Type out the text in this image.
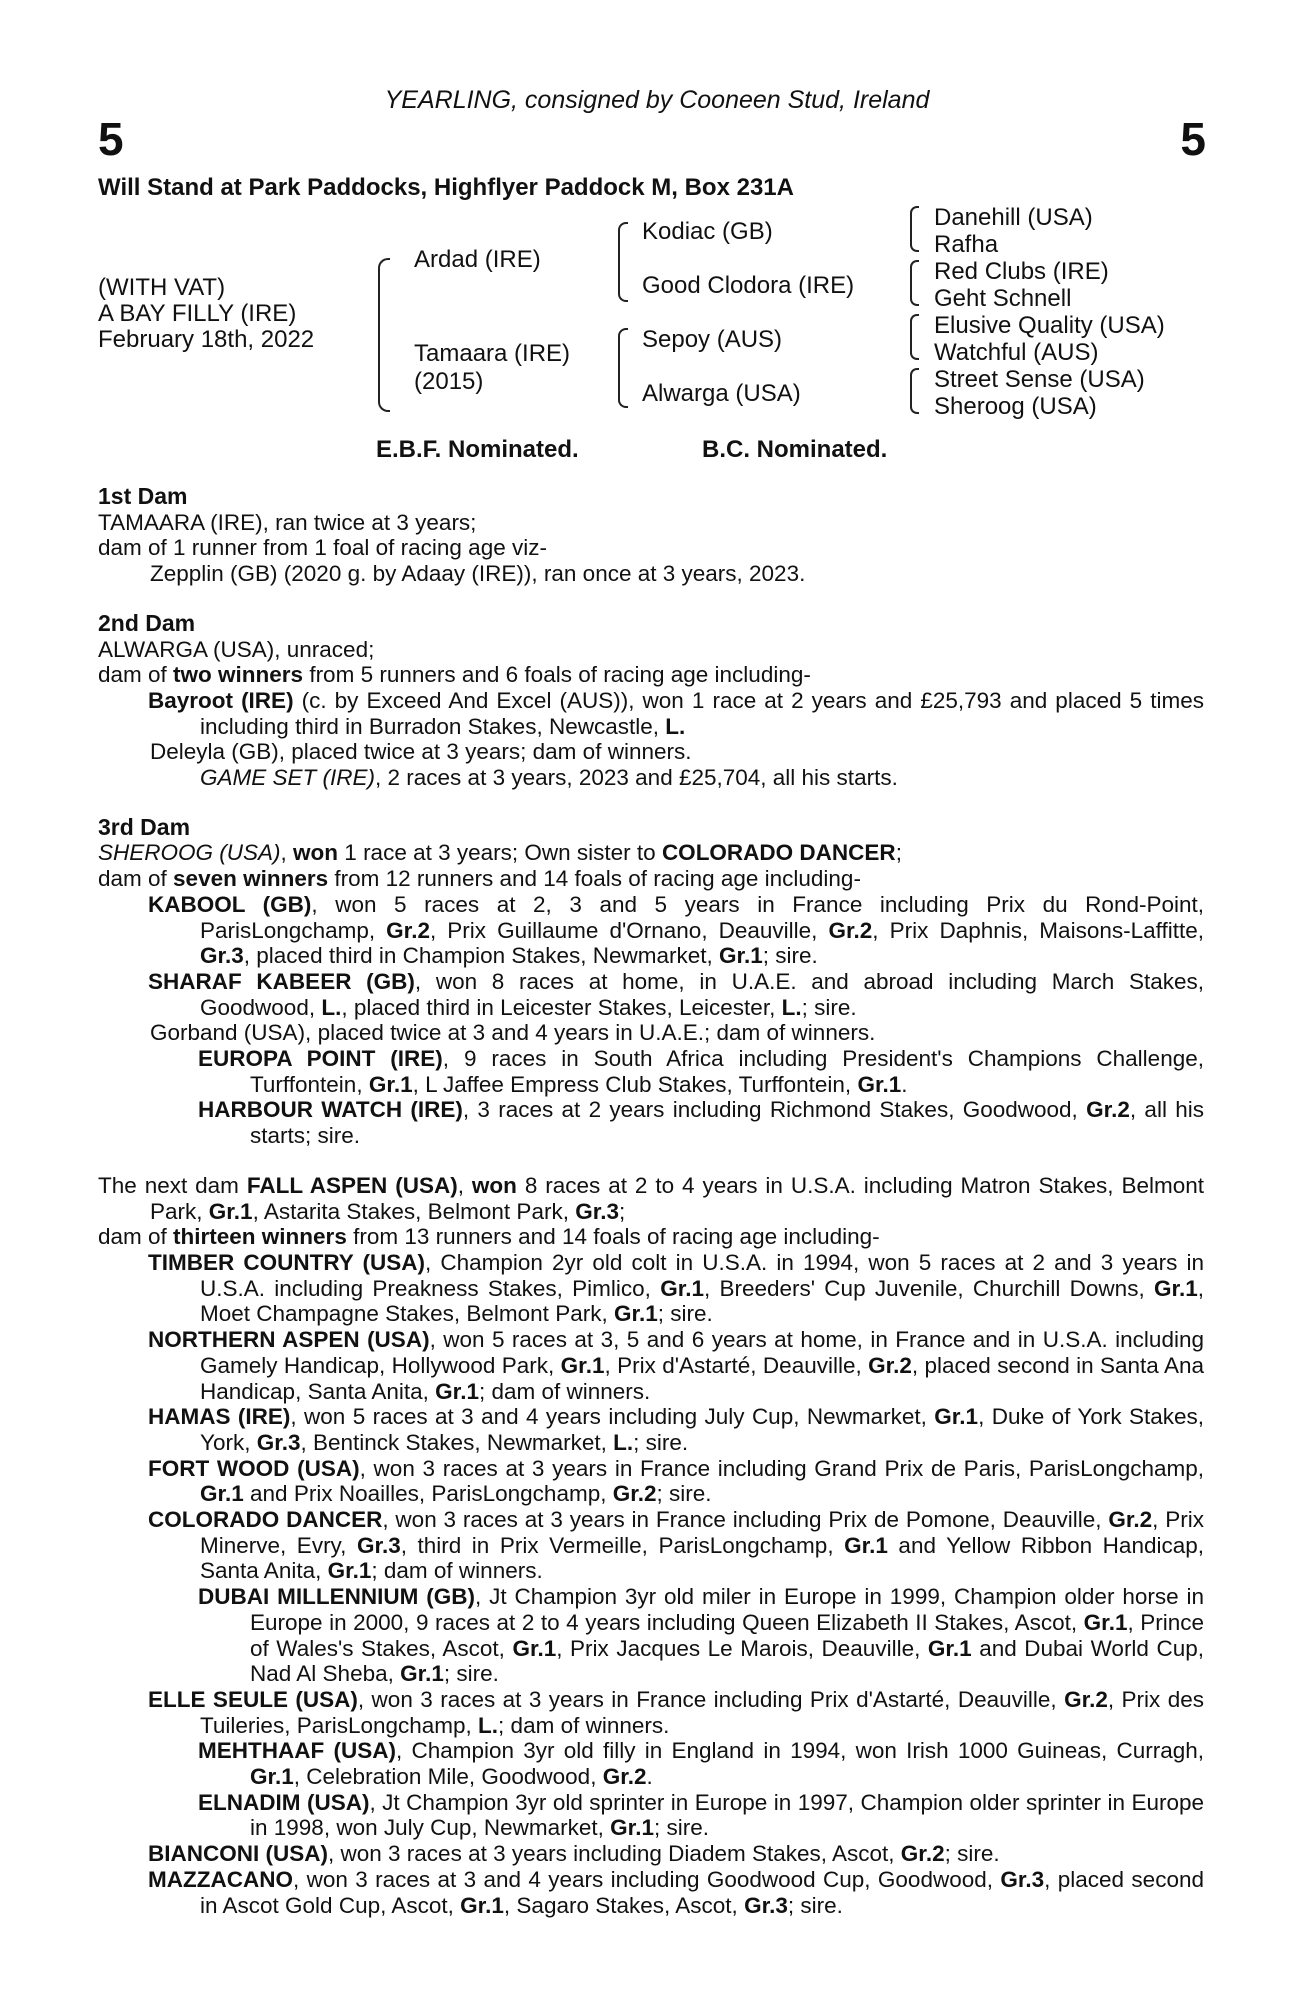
YEARLING, consigned by Cooneen Stud, Ireland
5	5
Will Stand at Park Paddocks, Highflyer Paddock M, Box 231A
(WITH VAT)
A BAY FILLY (IRE)
February 18th, 2022
Ardad (IRE)
Tamaara (IRE)
(2015)
Kodiac (GB)
Good Clodora (IRE)
Sepoy (AUS)
Alwarga (USA)
Danehill (USA)
Rafha
Red Clubs (IRE)
Geht Schnell
Elusive Quality (USA)
Watchful (AUS)
Street Sense (USA)
Sheroog (USA)
E.B.F. Nominated.	B.C. Nominated.

1st Dam

TAMAARA (IRE), ran twice at 3 years;

dam of 1 runner from 1 foal of racing age viz-

Zepplin (GB) (2020 g. by Adaay (IRE)), ran once at 3 years, 2023.

2nd Dam

ALWARGA (USA), unraced;

dam of two winners from 5 runners and 6 foals of racing age including-

Bayroot (IRE) (c. by Exceed And Excel (AUS)), won 1 race at 2 years and £25,793 and placed 5 times including third in Burradon Stakes, Newcastle, L.

Deleyla (GB), placed twice at 3 years; dam of winners.

GAME SET (IRE), 2 races at 3 years, 2023 and £25,704, all his starts.

3rd Dam

SHEROOG (USA), won 1 race at 3 years; Own sister to COLORADO DANCER;

dam of seven winners from 12 runners and 14 foals of racing age including-

KABOOL (GB), won 5 races at 2, 3 and 5 years in France including Prix du Rond-Point, ParisLongchamp, Gr.2, Prix Guillaume d'Ornano, Deauville, Gr.2, Prix Daphnis, Maisons-Laffitte, Gr.3, placed third in Champion Stakes, Newmarket, Gr.1; sire.

SHARAF KABEER (GB), won 8 races at home, in U.A.E. and abroad including March Stakes, Goodwood, L., placed third in Leicester Stakes, Leicester, L.; sire.

Gorband (USA), placed twice at 3 and 4 years in U.A.E.; dam of winners.

EUROPA POINT (IRE), 9 races in South Africa including President's Champions Challenge, Turffontein, Gr.1, L Jaffee Empress Club Stakes, Turffontein, Gr.1.

HARBOUR WATCH (IRE), 3 races at 2 years including Richmond Stakes, Goodwood, Gr.2, all his starts; sire.

The next dam FALL ASPEN (USA), won 8 races at 2 to 4 years in U.S.A. including Matron Stakes, Belmont Park, Gr.1, Astarita Stakes, Belmont Park, Gr.3;

dam of thirteen winners from 13 runners and 14 foals of racing age including-

TIMBER COUNTRY (USA), Champion 2yr old colt in U.S.A. in 1994, won 5 races at 2 and 3 years in U.S.A. including Preakness Stakes, Pimlico, Gr.1, Breeders' Cup Juvenile, Churchill Downs, Gr.1, Moet Champagne Stakes, Belmont Park, Gr.1; sire.

NORTHERN ASPEN (USA), won 5 races at 3, 5 and 6 years at home, in France and in U.S.A. including Gamely Handicap, Hollywood Park, Gr.1, Prix d'Astarté, Deauville, Gr.2, placed second in Santa Ana Handicap, Santa Anita, Gr.1; dam of winners.

HAMAS (IRE), won 5 races at 3 and 4 years including July Cup, Newmarket, Gr.1, Duke of York Stakes, York, Gr.3, Bentinck Stakes, Newmarket, L.; sire.

FORT WOOD (USA), won 3 races at 3 years in France including Grand Prix de Paris, ParisLongchamp, Gr.1 and Prix Noailles, ParisLongchamp, Gr.2; sire.

COLORADO DANCER, won 3 races at 3 years in France including Prix de Pomone, Deauville, Gr.2, Prix Minerve, Evry, Gr.3, third in Prix Vermeille, ParisLongchamp, Gr.1 and Yellow Ribbon Handicap, Santa Anita, Gr.1; dam of winners.

DUBAI MILLENNIUM (GB), Jt Champion 3yr old miler in Europe in 1999, Champion older horse in Europe in 2000, 9 races at 2 to 4 years including Queen Elizabeth II Stakes, Ascot, Gr.1, Prince of Wales's Stakes, Ascot, Gr.1, Prix Jacques Le Marois, Deauville, Gr.1 and Dubai World Cup, Nad Al Sheba, Gr.1; sire.

ELLE SEULE (USA), won 3 races at 3 years in France including Prix d'Astarté, Deauville, Gr.2, Prix des Tuileries, ParisLongchamp, L.; dam of winners.

MEHTHAAF (USA), Champion 3yr old filly in England in 1994, won Irish 1000 Guineas, Curragh, Gr.1, Celebration Mile, Goodwood, Gr.2.

ELNADIM (USA), Jt Champion 3yr old sprinter in Europe in 1997, Champion older sprinter in Europe in 1998, won July Cup, Newmarket, Gr.1; sire.

BIANCONI (USA), won 3 races at 3 years including Diadem Stakes, Ascot, Gr.2; sire.

MAZZACANO, won 3 races at 3 and 4 years including Goodwood Cup, Goodwood, Gr.3, placed second in Ascot Gold Cup, Ascot, Gr.1, Sagaro Stakes, Ascot, Gr.3; sire.
